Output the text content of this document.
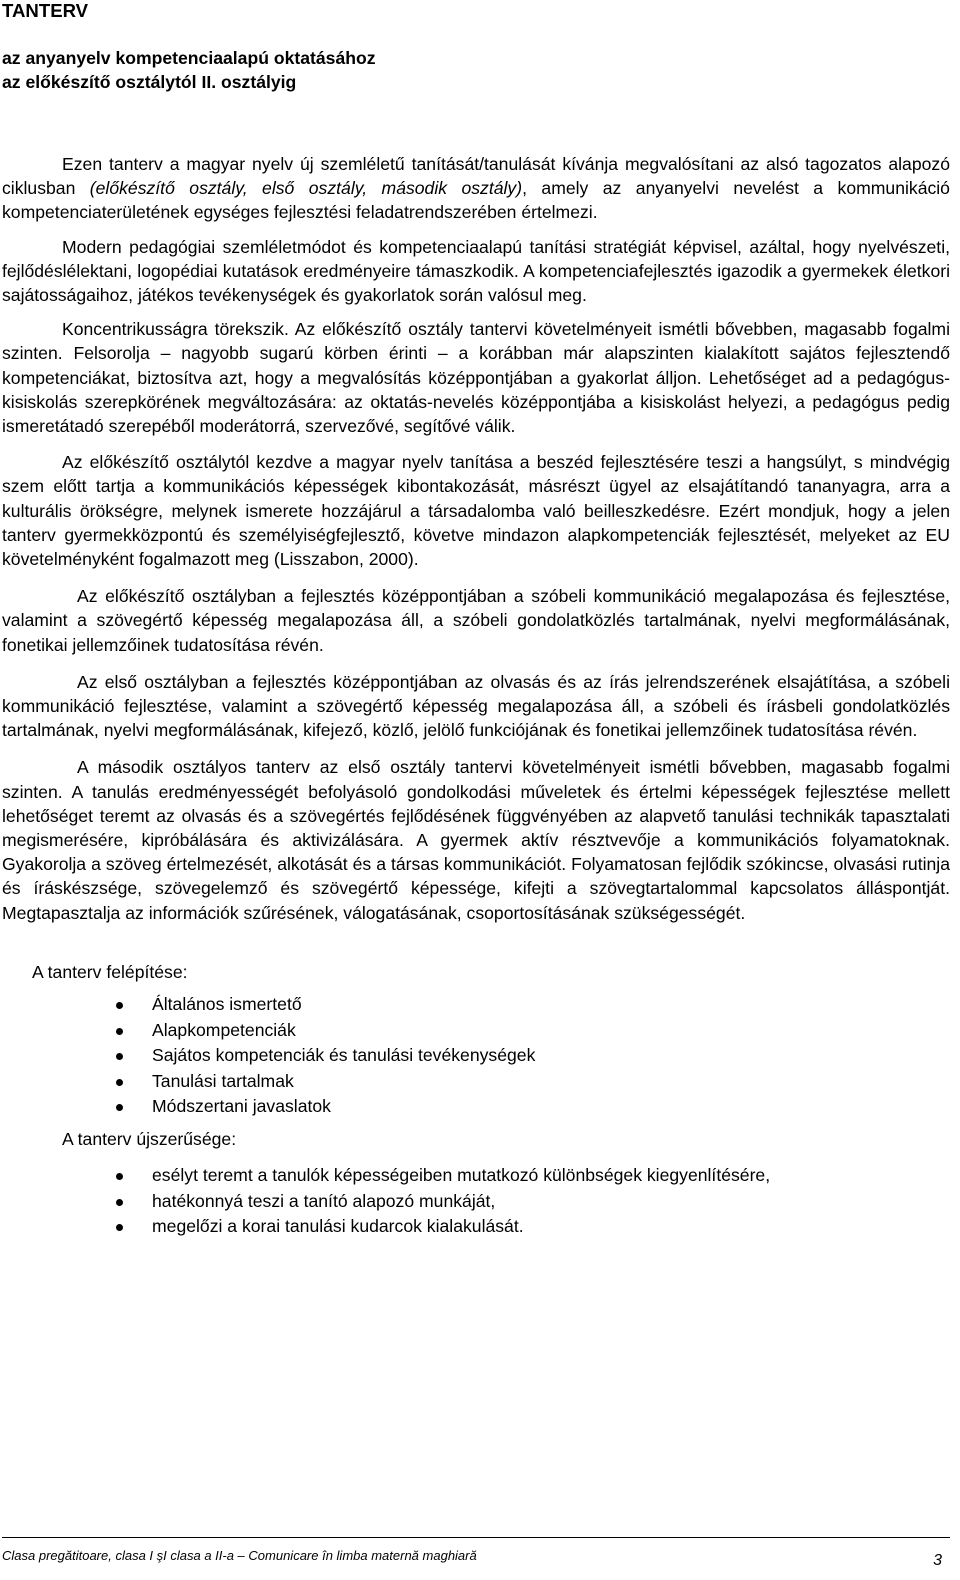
TANTERV
az anyanyelv kompetenciaalapú oktatásához
az előkészítő osztálytól II. osztályig

Ezen tanterv a magyar nyelv új szemléletű tanítását/tanulását kívánja megvalósítani az alsó tagozatos alapozó ciklusban (előkészítő osztály, első osztály, második osztály), amely az anyanyelvi nevelést a kommunikáció kompetenciaterületének egységes fejlesztési feladatrendszerében értelmezi.

Modern pedagógiai szemléletmódot és kompetenciaalapú tanítási stratégiát képvisel, azáltal, hogy nyelvészeti, fejlődéslélektani, logopédiai kutatások eredményeire támaszkodik. A kompetenciafejlesztés igazodik a gyermekek életkori sajátosságaihoz, játékos tevékenységek és gyakorlatok során valósul meg.

Koncentrikusságra törekszik. Az előkészítő osztály tantervi követelményeit ismétli bővebben, magasabb fogalmi szinten. Felsorolja – nagyobb sugarú körben érinti – a korábban már alapszinten kialakított sajátos fejlesztendő kompetenciákat, biztosítva azt, hogy a megvalósítás középpontjában a gyakorlat álljon. Lehetőséget ad a pedagógus-kisiskolás szerepkörének megváltozására: az oktatás-nevelés középpontjába a kisiskolást helyezi, a pedagógus pedig ismeretátadó szerepéből moderátorrá, szervezővé, segítővé válik.

Az előkészítő osztálytól kezdve a magyar nyelv tanítása a beszéd fejlesztésére teszi a hangsúlyt, s mindvégig szem előtt tartja a kommunikációs képességek kibontakozását, másrészt ügyel az elsajátítandó tananyagra, arra a kulturális örökségre, melynek ismerete hozzájárul a társadalomba való beilleszkedésre. Ezért mondjuk, hogy a jelen tanterv gyermekközpontú és személyiségfejlesztő, követve mindazon alapkompetenciák fejlesztését, melyeket az EU követelményként fogalmazott meg (Lisszabon, 2000).

Az előkészítő osztályban a fejlesztés középpontjában a szóbeli kommunikáció megalapozása és fejlesztése, valamint a szövegértő képesség megalapozása áll, a szóbeli gondolatközlés tartalmának, nyelvi megformálásának, fonetikai jellemzőinek tudatosítása révén.

Az első osztályban a fejlesztés középpontjában az olvasás és az írás jelrendszerének elsajátítása, a szóbeli kommunikáció fejlesztése, valamint a szövegértő képesség megalapozása áll, a szóbeli és írásbeli gondolatközlés tartalmának, nyelvi megformálásának, kifejező, közlő, jelölő funkciójának és fonetikai jellemzőinek tudatosítása révén.

A második osztályos tanterv az első osztály tantervi követelményeit ismétli bővebben, magasabb fogalmi szinten. A tanulás eredményességét befolyásoló gondolkodási műveletek és értelmi képességek fejlesztése mellett lehetőséget teremt az olvasás és a szövegértés fejlődésének függvényében az alapvető tanulási technikák tapasztalati megismerésére, kipróbálására és aktivizálására. A gyermek aktív résztvevője a kommunikációs folyamatoknak. Gyakorolja a szöveg értelmezését, alkotását és a társas kommunikációt. Folyamatosan fejlődik szókincse, olvasási rutinja és íráskészsége, szövegelemző és szövegértő képessége, kifejti a szövegtartalommal kapcsolatos álláspontját. Megtapasztalja az információk szűrésének, válogatásának, csoportosításának szükségességét.

A tanterv felépítése:
Általános ismertető
Alapkompetenciák
Sajátos kompetenciák és tanulási tevékenységek
Tanulási tartalmak
Módszertani javaslatok
A tanterv újszerűsége:
esélyt teremt a tanulók képességeiben mutatkozó különbségek kiegyenlítésére,
hatékonnyá teszi a tanító alapozó munkáját,
megelőzi a korai tanulási kudarcok kialakulását.
Clasa pregătitoare, clasa I şI clasa a II-a – Comunicare în limba maternă maghiară	3
